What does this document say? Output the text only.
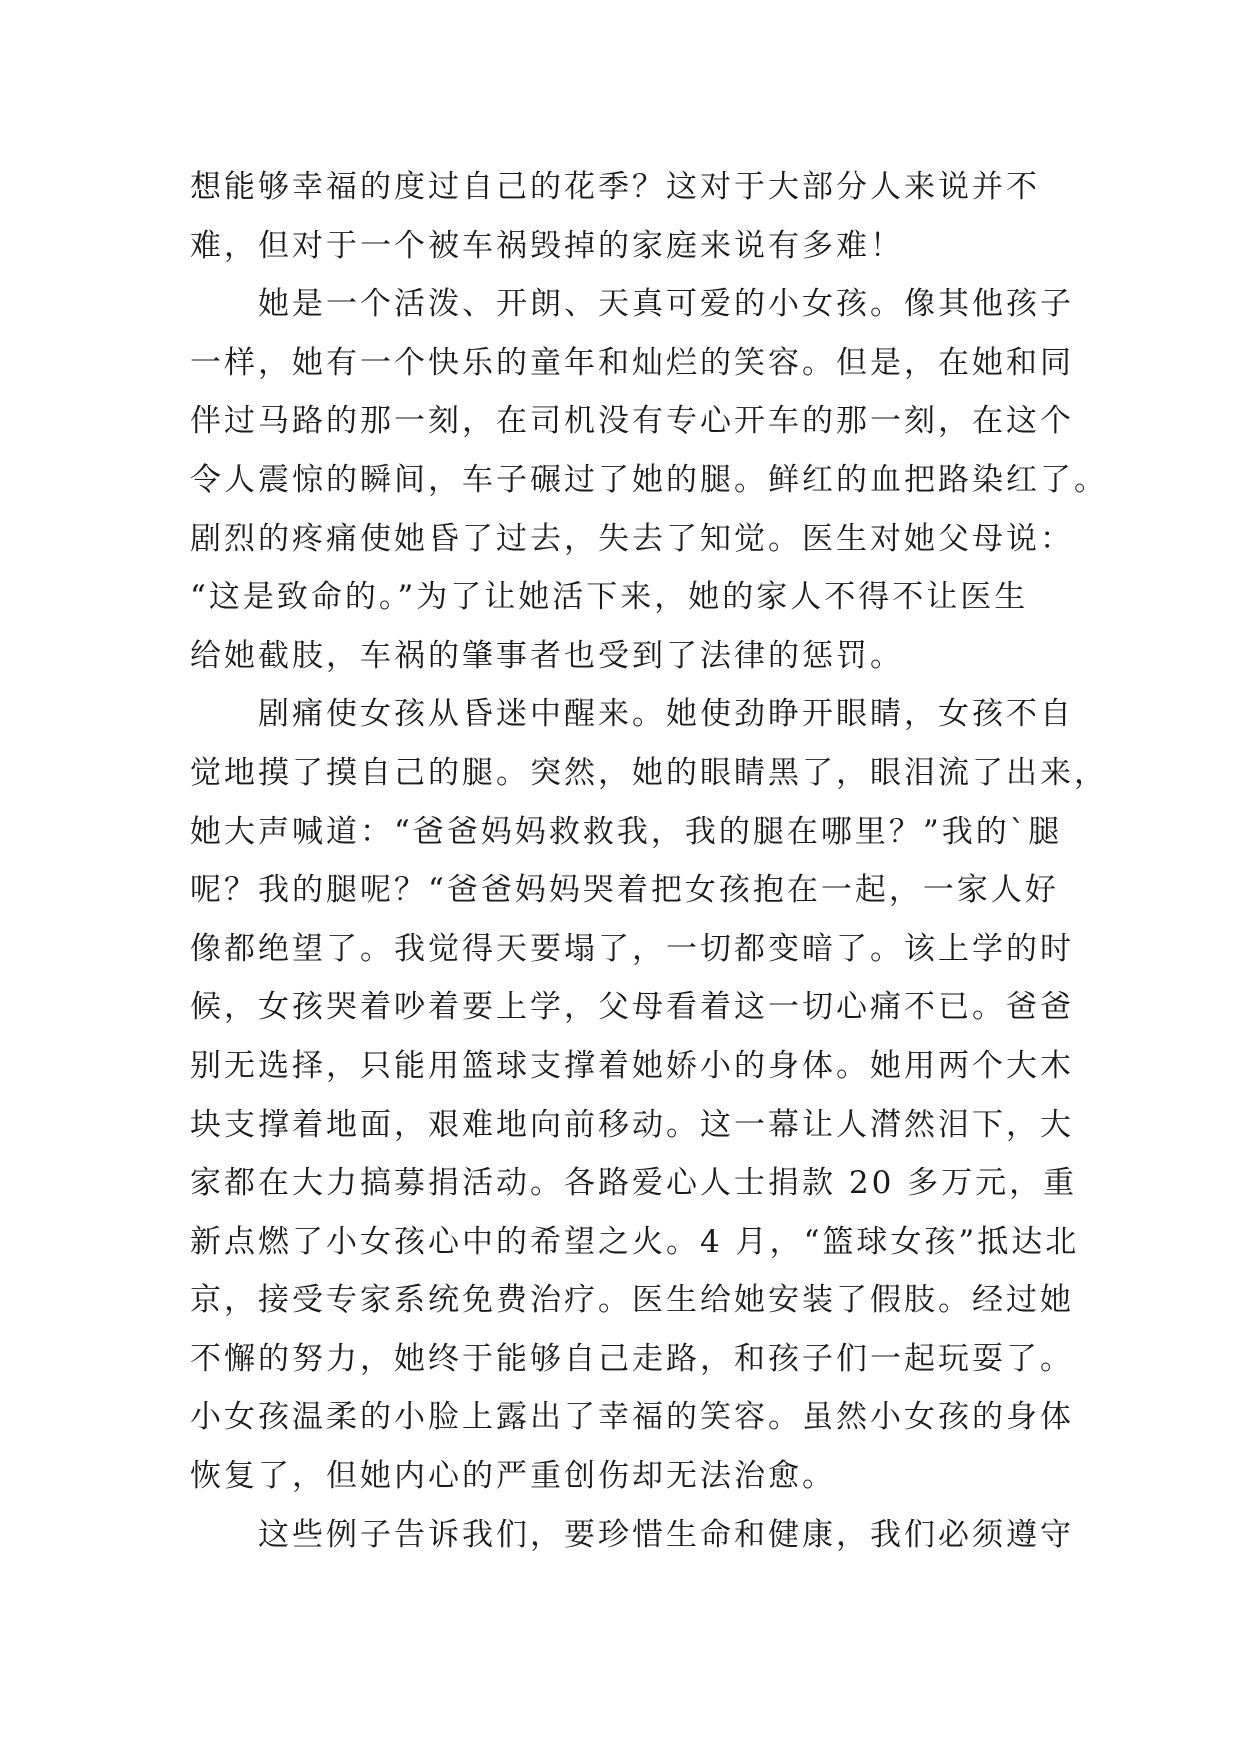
想能够幸福的度过自己的花季？这对于大部分人来说并不
难，但对于一个被车祸毁掉的家庭来说有多难！
　　她是一个活泼、开朗、天真可爱的小女孩。像其他孩子
一样，她有一个快乐的童年和灿烂的笑容。但是，在她和同
伴过马路的那一刻，在司机没有专心开车的那一刻，在这个
令人震惊的瞬间，车子碾过了她的腿。鲜红的血把路染红了。
剧烈的疼痛使她昏了过去，失去了知觉。医生对她父母说：
“这是致命的。”为了让她活下来，她的家人不得不让医生
给她截肢，车祸的肇事者也受到了法律的惩罚。
　　剧痛使女孩从昏迷中醒来。她使劲睁开眼睛，女孩不自
觉地摸了摸自己的腿。突然，她的眼睛黑了，眼泪流了出来，
她大声喊道：“爸爸妈妈救救我，我的腿在哪里？”我的`腿
呢？我的腿呢？“爸爸妈妈哭着把女孩抱在一起，一家人好
像都绝望了。我觉得天要塌了，一切都变暗了。该上学的时
候，女孩哭着吵着要上学，父母看着这一切心痛不已。爸爸
别无选择，只能用篮球支撑着她娇小的身体。她用两个大木
块支撑着地面，艰难地向前移动。这一幕让人潸然泪下，大
家都在大力搞募捐活动。各路爱心人士捐款 20 多万元，重
新点燃了小女孩心中的希望之火。4 月，“篮球女孩”抵达北
京，接受专家系统免费治疗。医生给她安装了假肢。经过她
不懈的努力，她终于能够自己走路，和孩子们一起玩耍了。
小女孩温柔的小脸上露出了幸福的笑容。虽然小女孩的身体
恢复了，但她内心的严重创伤却无法治愈。
　　这些例子告诉我们，要珍惜生命和健康，我们必须遵守
